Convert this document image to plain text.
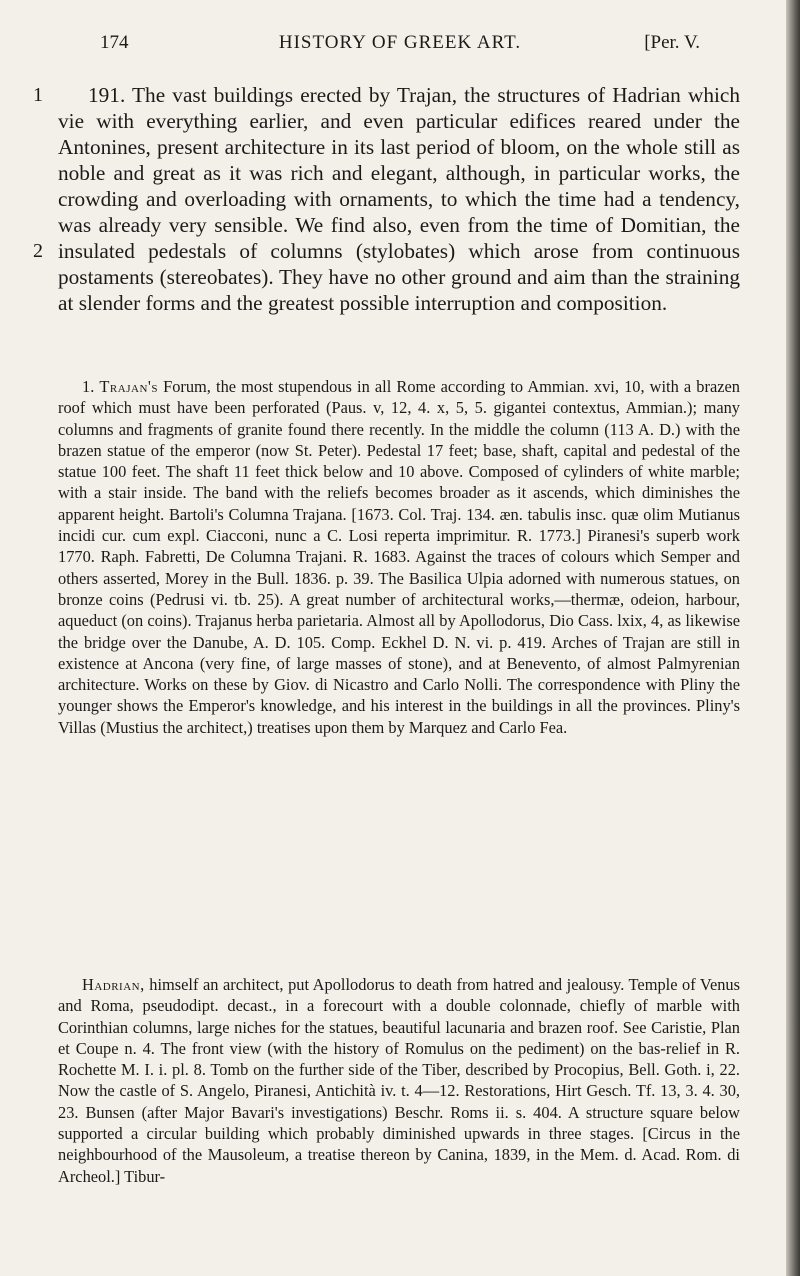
HISTORY OF GREEK ART.
174	[Per. V.
1
2

191. The vast buildings erected by Trajan, the structures of Hadrian which vie with everything earlier, and even particular edifices reared under the Antonines, present architecture in its last period of bloom, on the whole still as noble and great as it was rich and elegant, although, in particular works, the crowding and overloading with ornaments, to which the time had a tendency, was already very sensible. We find also, even from the time of Domitian, the insulated pedestals of columns (stylobates) which arose from continuous postaments (stereobates). They have no other ground and aim than the straining at slender forms and the greatest possible interruption and composition.

1. Trajan's Forum, the most stupendous in all Rome according to Ammian. xvi, 10, with a brazen roof which must have been perforated (Paus. v, 12, 4. x, 5, 5. gigantei contextus, Ammian.); many columns and fragments of granite found there recently. In the middle the column (113 A. D.) with the brazen statue of the emperor (now St. Peter). Pedestal 17 feet; base, shaft, capital and pedestal of the statue 100 feet. The shaft 11 feet thick below and 10 above. Composed of cylinders of white marble; with a stair inside. The band with the reliefs becomes broader as it ascends, which diminishes the apparent height. Bartoli's Columna Trajana. [1673. Col. Traj. 134. æn. tabulis insc. quæ olim Mutianus incidi cur. cum expl. Ciacconi, nunc a C. Losi reperta imprimitur. R. 1773.] Piranesi's superb work 1770. Raph. Fabretti, De Columna Trajani. R. 1683. Against the traces of colours which Semper and others asserted, Morey in the Bull. 1836. p. 39. The Basilica Ulpia adorned with numerous statues, on bronze coins (Pedrusi vi. tb. 25). A great number of architectural works,—thermæ, odeion, harbour, aqueduct (on coins). Trajanus herba parietaria. Almost all by Apollodorus, Dio Cass. lxix, 4, as likewise the bridge over the Danube, A. D. 105. Comp. Eckhel D. N. vi. p. 419. Arches of Trajan are still in existence at Ancona (very fine, of large masses of stone), and at Benevento, of almost Palmyrenian architecture. Works on these by Giov. di Nicastro and Carlo Nolli. The correspondence with Pliny the younger shows the Emperor's knowledge, and his interest in the buildings in all the provinces. Pliny's Villas (Mustius the architect,) treatises upon them by Marquez and Carlo Fea.

Hadrian, himself an architect, put Apollodorus to death from hatred and jealousy. Temple of Venus and Roma, pseudodipt. decast., in a forecourt with a double colonnade, chiefly of marble with Corinthian columns, large niches for the statues, beautiful lacunaria and brazen roof. See Caristie, Plan et Coupe n. 4. The front view (with the history of Romulus on the pediment) on the bas-relief in R. Rochette M. I. i. pl. 8. Tomb on the further side of the Tiber, described by Procopius, Bell. Goth. i, 22. Now the castle of S. Angelo, Piranesi, Antichità iv. t. 4—12. Restorations, Hirt Gesch. Tf. 13, 3. 4. 30, 23. Bunsen (after Major Bavari's investigations) Beschr. Roms ii. s. 404. A structure square below supported a circular building which probably diminished upwards in three stages. [Circus in the neighbourhood of the Mausoleum, a treatise thereon by Canina, 1839, in the Mem. d. Acad. Rom. di Archeol.] Tibur-
